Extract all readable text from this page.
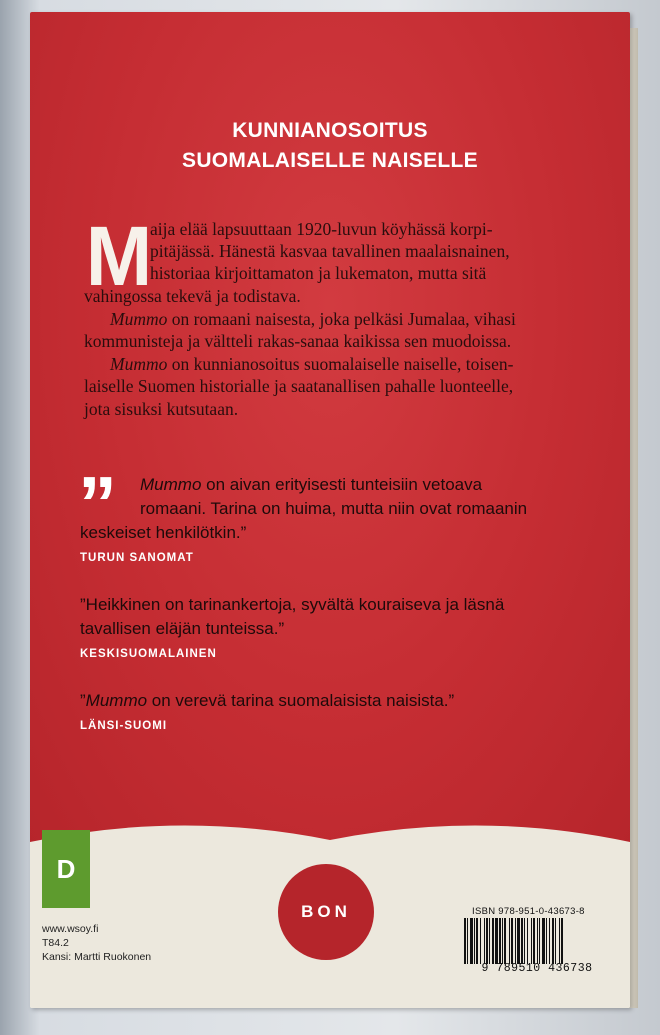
KUNNIANOSOITUS
SUOMALAISELLE NAISELLE
M
aija elää lapsuuttaan 1920-luvun köyhässä korpi-
pitäjässä. Hänestä kasvaa tavallinen maalaisnainen,
historiaa kirjoittamaton ja lukematon, mutta sitä
vahingossa tekevä ja todistava.
Mummo on romaani naisesta, joka pelkäsi Jumalaa, vihasi
kommunisteja ja vältteli rakas-sanaa kaikissa sen muodoissa.
Mummo on kunnianosoitus suomalaiselle naiselle, toisen-
laiselle Suomen historialle ja saatanallisen pahalle luonteelle,
jota sisuksi kutsutaan.
” Mummo on aivan erityisesti tunteisiin vetoava
romaani. Tarina on huima, mutta niin ovat romaanin
keskeiset henkilötkin.”
TURUN SANOMAT
”Heikkinen on tarinankertoja, syvältä kouraiseva ja läsnä
tavallisen eläjän tunteissa.”
KESKISUOMALAINEN
”Mummo on verevä tarina suomalaisista naisista.”
LÄNSI-SUOMI
D
BON
www.wsoy.fi
T84.2
Kansi: Martti Ruokonen
ISBN 978-951-0-43673-8
9 789510 436738
